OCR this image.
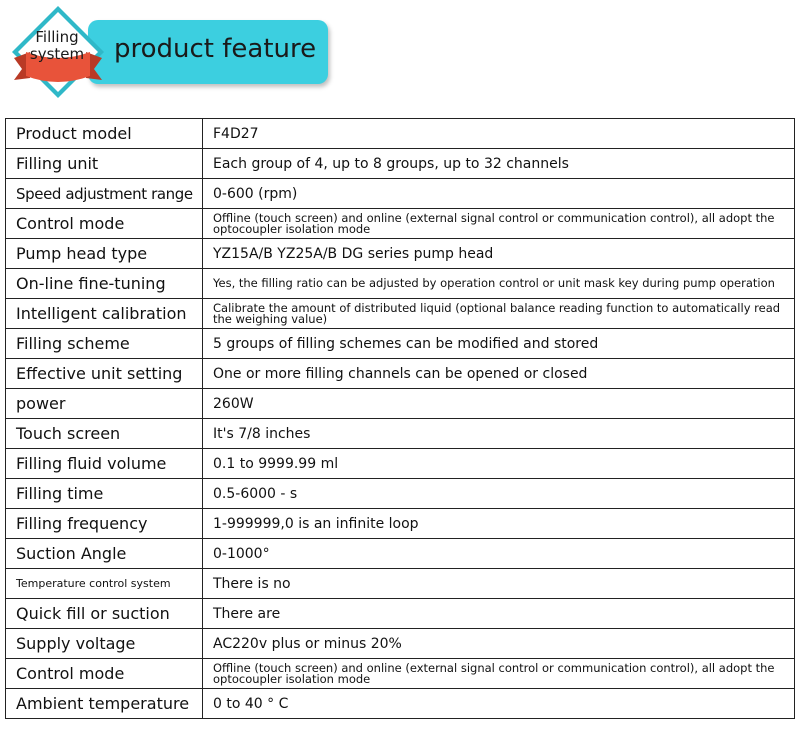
Filling
system product feature
Product model	F4D27
Filling unit	Each group of 4, up to 8 groups, up to 32 channels
Speed adjustment range	0-600 (rpm)
Control mode	Offline (touch screen) and online (external signal control or communication control), all adopt the optocoupler isolation mode
Pump head type	YZ15A/B YZ25A/B DG series pump head
On-line fine-tuning	Yes, the filling ratio can be adjusted by operation control or unit mask key during pump operation
Intelligent calibration	Calibrate the amount of distributed liquid (optional balance reading function to automatically read the weighing value)
Filling scheme	5 groups of filling schemes can be modified and stored
Effective unit setting	One or more filling channels can be opened or closed
power	260W
Touch screen	It's 7/8 inches
Filling fluid volume	0.1 to 9999.99 ml
Filling time	0.5-6000 - s
Filling frequency	1-999999,0 is an infinite loop
Suction Angle	0-1000°
Temperature control system	There is no
Quick fill or suction	There are
Supply voltage	AC220v plus or minus 20%
Control mode	Offline (touch screen) and online (external signal control or communication control), all adopt the optocoupler isolation mode
Ambient temperature	0 to 40 ° C
